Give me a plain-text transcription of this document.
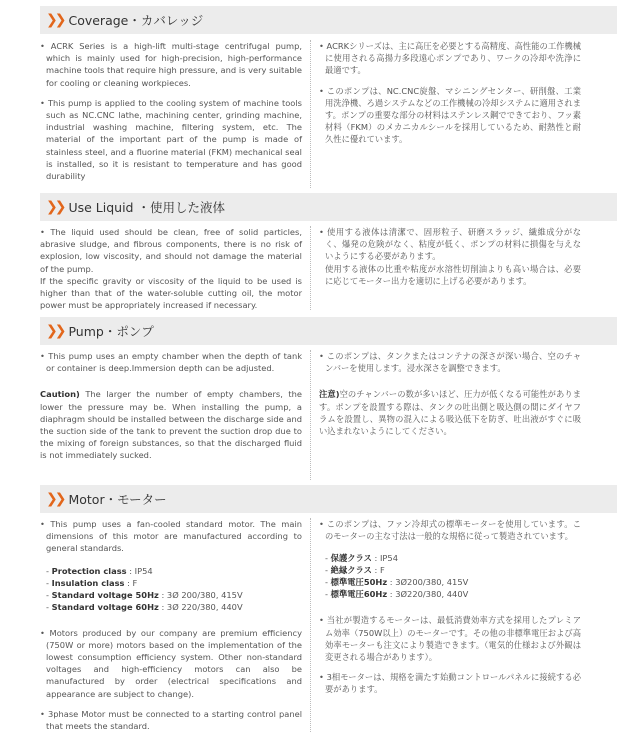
❯❯ Coverage・カバレッジ

• ACRK Series is a high-lift multi-stage centrifugal pump, which is mainly used for high-precision, high-performance machine tools that require high pressure, and is very suitable for cooling or cleaning workpieces.

• This pump is applied to the cooling system of machine tools such as NC.CNC lathe, machining center, grinding machine, industrial washing machine, filtering system, etc. The material of the important part of the pump is made of stainless steel, and a fluorine material (FKM) mechanical seal is installed, so it is resistant to temperature and has good durability

• ACRKシリーズは、主に高圧を必要とする高精度、高性能の工作機械に使用される高揚力多段遠心ポンプであり、ワークの冷却や洗浄に最適です。

• このポンプは、NC.CNC旋盤、マシニングセンター、研削盤、工業用洗浄機、ろ過システムなどの工作機械の冷却システムに適用されます。ポンプの重要な部分の材料はステンレス鋼でできており、フッ素材料（FKM）のメカニカルシールを採用しているため、耐熱性と耐久性に優れています。

❯❯ Use Liquid ・使用した液体

• The liquid used should be clean, free of solid particles, abrasive sludge, and fibrous components, there is no risk of explosion, low viscosity, and should not damage the material of the pump.

If the specific gravity or viscosity of the liquid to be used is higher than that of the water-soluble cutting oil, the motor power must be appropriately increased if necessary.

• 使用する液体は清潔で、固形粒子、研磨スラッジ、繊維成分がなく、爆発の危険がなく、粘度が低く、ポンプの材料に損傷を与えないようにする必要があります。

使用する液体の比重や粘度が水溶性切削油よりも高い場合は、必要に応じてモーター出力を適切に上げる必要があります。

❯❯ Pump・ポンプ

• This pump uses an empty chamber when the depth of tank or container is deep.Immersion depth can be adjusted.

Caution) The larger the number of empty chambers, the lower the pressure may be. When installing the pump, a diaphragm should be installed between the discharge side and the suction side of the tank to prevent the suction drop due to the mixing of foreign substances, so that the discharged fluid is not immediately sucked.

• このポンプは、タンクまたはコンテナの深さが深い場合、空のチャンバーを使用します。浸水深さを調整できます。

注意)空のチャンバーの数が多いほど、圧力が低くなる可能性があります。ポンプを設置する際は、タンクの吐出側と吸込側の間にダイヤフラムを設置し、異物の混入による吸込低下を防ぎ、吐出液がすぐに吸い込まれないようにしてください。

❯❯ Motor・モーター

• This pump uses a fan-cooled standard motor. The main dimensions of this motor are manufactured according to general standards.

- Protection class : IP54

- Insulation class : F

- Standard voltage 50Hz : 3Ø 200/380, 415V

- Standard voltage 60Hz : 3Ø 220/380, 440V

• Motors produced by our company are premium efficiency (750W or more) motors based on the implementation of the lowest consumption efficiency system. Other non-standard voltages and high-efficiency motors can also be manufactured by order (electrical specifications and appearance are subject to change).

• 3phase Motor must be connected to a starting control panel that meets the standard.

• このポンプは、ファン冷却式の標準モーターを使用しています。このモーターの主な寸法は一般的な規格に従って製造されています。

- 保護クラス : IP54

- 絶縁クラス : F

- 標準電圧50Hz : 3Ø200/380, 415V

- 標準電圧60Hz : 3Ø220/380, 440V

• 当社が製造するモーターは、最低消費効率方式を採用したプレミアム効率（750W以上）のモーターです。その他の非標準電圧および高効率モーターも注文により製造できます。（電気的仕様および外観は変更される場合があります）。

• 3相モーターは、規格を満たす始動コントロールパネルに接続する必要があります。
